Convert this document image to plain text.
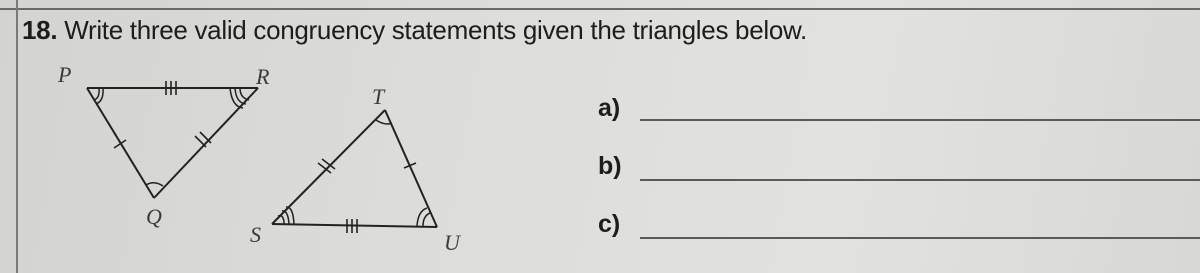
18. Write three valid congruency statements given the triangles below.
P	R
Q
T
S	U
a)
b)
c)
